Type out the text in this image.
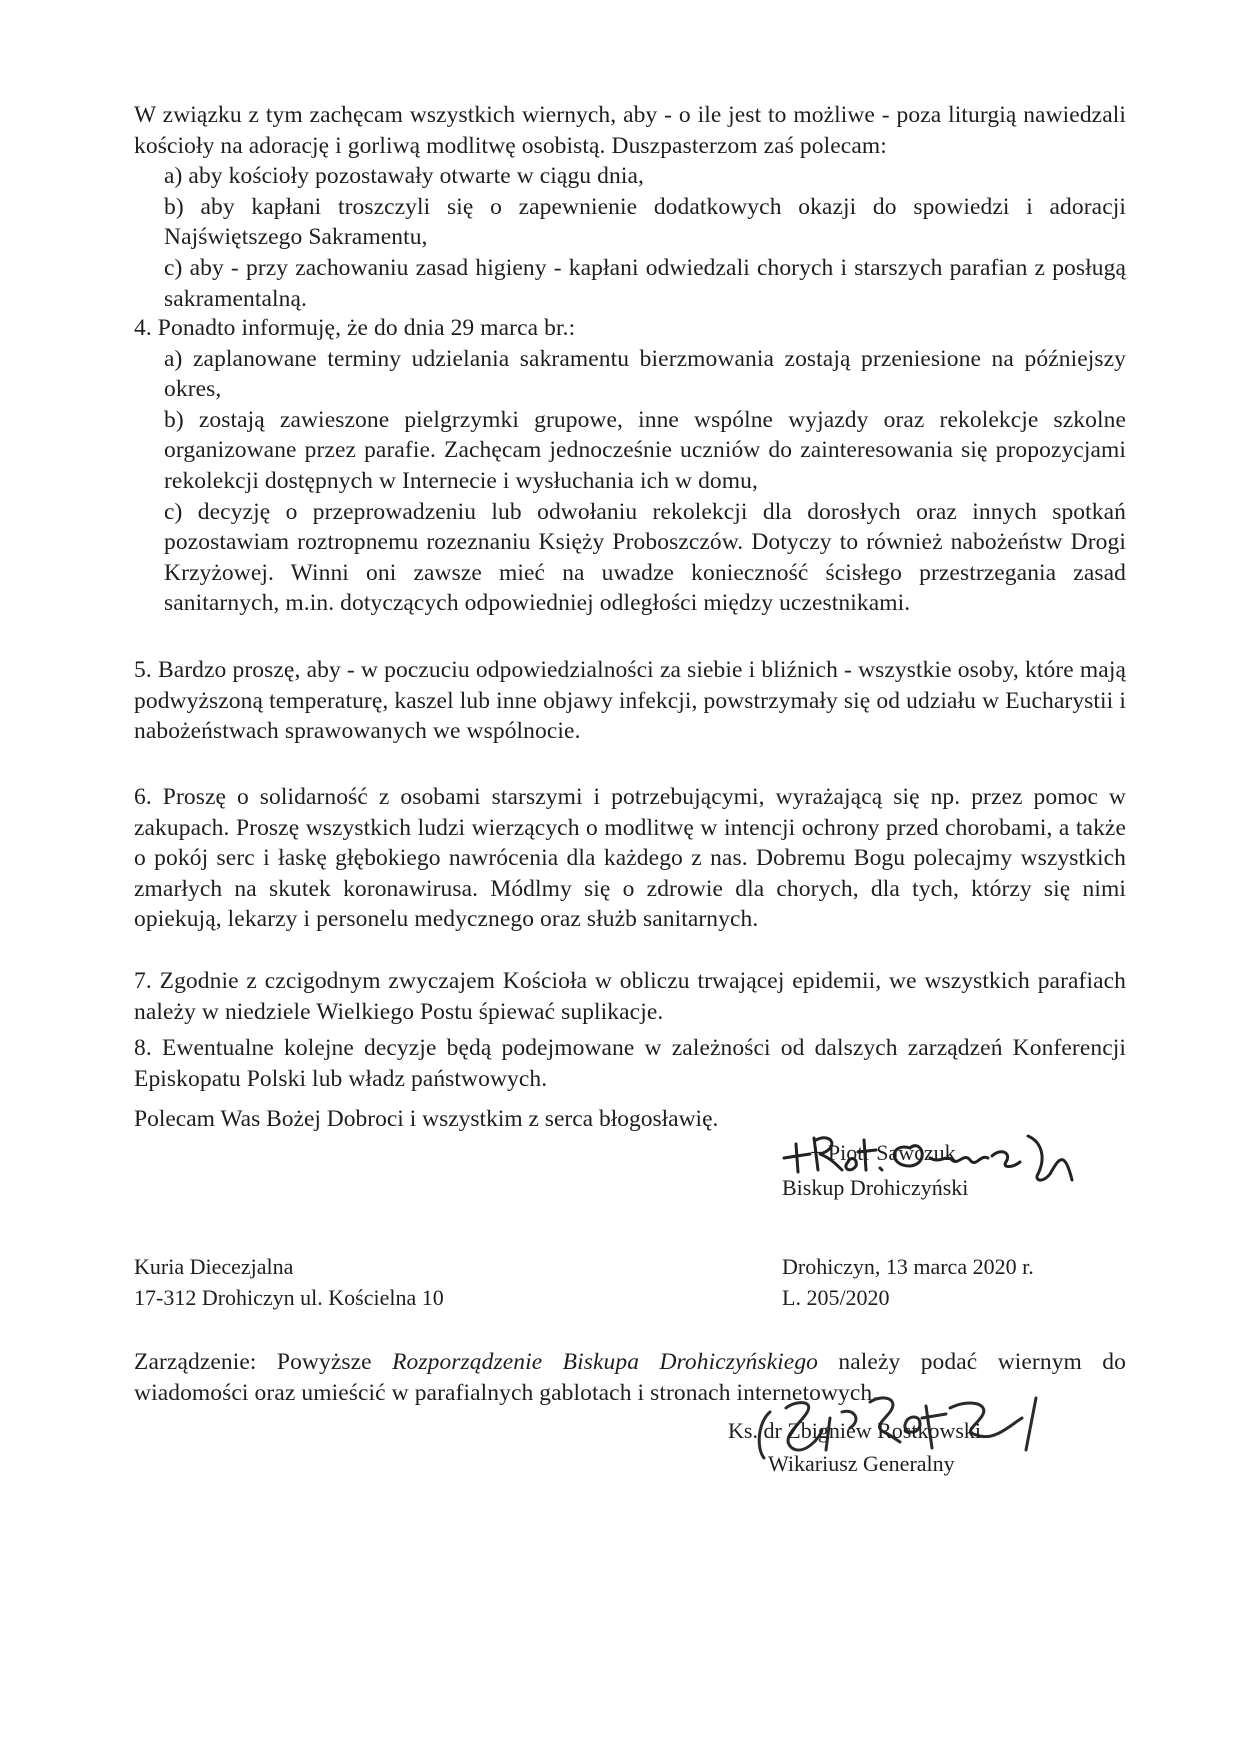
W związku z tym zachęcam wszystkich wiernych, aby - o ile jest to możliwe - poza liturgią nawiedzali kościoły na adorację i gorliwą modlitwę osobistą. Duszpasterzom zaś polecam:

a) aby kościoły pozostawały otwarte w ciągu dnia,

b) aby kapłani troszczyli się o zapewnienie dodatkowych okazji do spowiedzi i adoracji Najświętszego Sakramentu,

c) aby - przy zachowaniu zasad higieny - kapłani odwiedzali chorych i starszych parafian z posługą sakramentalną.

4. Ponadto informuję, że do dnia 29 marca br.:

a) zaplanowane terminy udzielania sakramentu bierzmowania zostają przeniesione na późniejszy okres,

b) zostają zawieszone pielgrzymki grupowe, inne wspólne wyjazdy oraz rekolekcje szkolne organizowane przez parafie. Zachęcam jednocześnie uczniów do zainteresowania się propozycjami rekolekcji dostępnych w Internecie i wysłuchania ich w domu,

c) decyzję o przeprowadzeniu lub odwołaniu rekolekcji dla dorosłych oraz innych spotkań pozostawiam roztropnemu rozeznaniu Księży Proboszczów. Dotyczy to również nabożeństw Drogi Krzyżowej. Winni oni zawsze mieć na uwadze konieczność ścisłego przestrzegania zasad sanitarnych, m.in. dotyczących odpowiedniej odległości między uczestnikami.

5. Bardzo proszę, aby - w poczuciu odpowiedzialności za siebie i bliźnich - wszystkie osoby, które mają podwyższoną temperaturę, kaszel lub inne objawy infekcji, powstrzymały się od udziału w Eucharystii i nabożeństwach sprawowanych we wspólnocie.

6. Proszę o solidarność z osobami starszymi i potrzebującymi, wyrażającą się np. przez pomoc w zakupach. Proszę wszystkich ludzi wierzących o modlitwę w intencji ochrony przed chorobami, a także o pokój serc i łaskę głębokiego nawrócenia dla każdego z nas. Dobremu Bogu polecajmy wszystkich zmarłych na skutek koronawirusa. Módlmy się o zdrowie dla chorych, dla tych, którzy się nimi opiekują, lekarzy i personelu medycznego oraz służb sanitarnych.

7. Zgodnie z czcigodnym zwyczajem Kościoła w obliczu trwającej epidemii, we wszystkich parafiach należy w niedziele Wielkiego Postu śpiewać suplikacje.

8. Ewentualne kolejne decyzje będą podejmowane w zależności od dalszych zarządzeń Konferencji Episkopatu Polski lub władz państwowych.

Polecam Was Bożej Dobroci i wszystkim z serca błogosławię.
+ Piotr Sawczuk
Biskup Drohiczyński
Kuria Diecezjalna
17-312 Drohiczyn ul. Kościelna 10
Drohiczyn, 13 marca 2020 r.
L. 205/2020

Zarządzenie: Powyższe Rozporządzenie Biskupa Drohiczyńskiego należy podać wiernym do wiadomości oraz umieścić w parafialnych gablotach i stronach internetowych.

Ks. dr Zbigniew Rostkowski
Wikariusz Generalny
